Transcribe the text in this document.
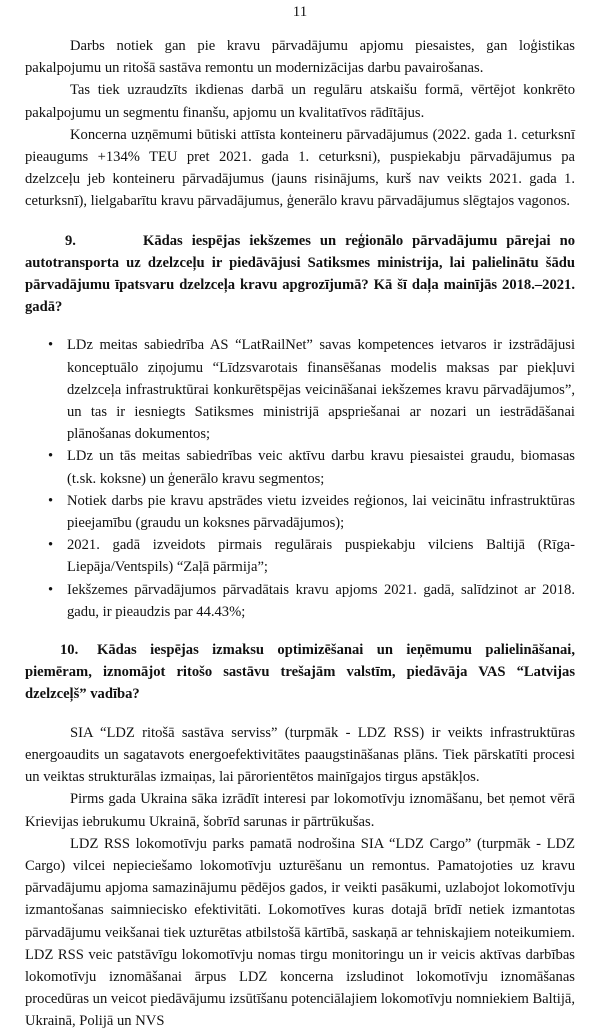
11

Darbs notiek gan pie kravu pārvadājumu apjomu piesaistes, gan loģistikas pakalpojumu un ritošā sastāva remontu un modernizācijas darbu pavairošanas.

Tas tiek uzraudzīts ikdienas darbā un regulāru atskaišu formā, vērtējot konkrēto pakalpojumu un segmentu finanšu, apjomu un kvalitatīvos rādītājus.

Koncerna uzņēmumi būtiski attīsta konteineru pārvadājumus (2022. gada 1. ceturksnī pieaugums +134% TEU pret 2021. gada 1. ceturksni), puspiekabju pārvadājumus pa dzelzceļu jeb konteineru pārvadājumus (jauns risinājums, kurš nav veikts 2021. gada 1. ceturksnī), lielgabarītu kravu pārvadājumus, ģenerālo kravu pārvadājumus slēgtajos vagonos.

9.	Kādas iespējas iekšzemes un reģionālo pārvadājumu pārejai no autotransporta uz dzelzceļu ir piedāvājusi Satiksmes ministrija, lai palielinātu šādu pārvadājumu īpatsvaru dzelzceļa kravu apgrozījumā? Kā šī daļa mainījās 2018.–2021. gadā?

• LDz meitas sabiedrība AS “LatRailNet” savas kompetences ietvaros ir izstrādājusi konceptuālo ziņojumu “Līdzsvarotais finansēšanas modelis maksas par piekļuvi dzelzceļa infrastruktūrai konkurētspējas veicināšanai iekšzemes kravu pārvadājumos”, un tas ir iesniegts Satiksmes ministrijā apspriešanai ar nozari un iestrādāšanai plānošanas dokumentos;
• LDz un tās meitas sabiedrības veic aktīvu darbu kravu piesaistei graudu, biomasas (t.sk. koksne) un ģenerālo kravu segmentos;
• Notiek darbs pie kravu apstrādes vietu izveides reģionos, lai veicinātu infrastruktūras pieejamību (graudu un koksnes pārvadājumos);
• 2021. gadā izveidots pirmais regulārais puspiekabju vilciens Baltijā (Rīga-Liepāja/Ventspils) “Zaļā pārmija”;
• Iekšzemes pārvadājumos pārvadātais kravu apjoms 2021. gadā, salīdzinot ar 2018. gadu, ir pieaudzis par 44.43%;

10. Kādas iespējas izmaksu optimizēšanai un ieņēmumu palielināšanai, piemēram, iznomājot ritošo sastāvu trešajām valstīm, piedāvāja VAS “Latvijas dzelzceļš” vadība?

SIA “LDZ ritošā sastāva serviss” (turpmāk - LDZ RSS) ir veikts infrastruktūras energoaudits un sagatavots energoefektivitātes paaugstināšanas plāns. Tiek pārskatīti procesi un veiktas strukturālas izmaiņas, lai pārorientētos mainīgajos tirgus apstākļos.

Pirms gada Ukraina sāka izrādīt interesi par lokomotīvju iznomāšanu, bet ņemot vērā Krievijas iebrukumu Ukrainā, šobrīd sarunas ir pārtrūkušas.

LDZ RSS lokomotīvju parks pamatā nodrošina SIA “LDZ Cargo” (turpmāk - LDZ Cargo) vilcei nepieciešamo lokomotīvju uzturēšanu un remontus. Pamatojoties uz kravu pārvadājumu apjoma samazinājumu pēdējos gados, ir veikti pasākumi, uzlabojot lokomotīvju izmantošanas saimniecisko efektivitāti. Lokomotīves kuras dotajā brīdī netiek izmantotas pārvadājumu veikšanai tiek uzturētas atbilstošā kārtībā, saskaņā ar tehniskajiem noteikumiem. LDZ RSS veic patstāvīgu lokomotīvju nomas tirgu monitoringu un ir veicis aktīvas darbības lokomotīvju iznomāšanai ārpus LDZ koncerna izsludinot lokomotīvju iznomāšanas procedūras un veicot piedāvājumu izsūtīšanu potenciālajiem lokomotīvju nomniekiem Baltijā, Ukrainā, Polijā un NVS
